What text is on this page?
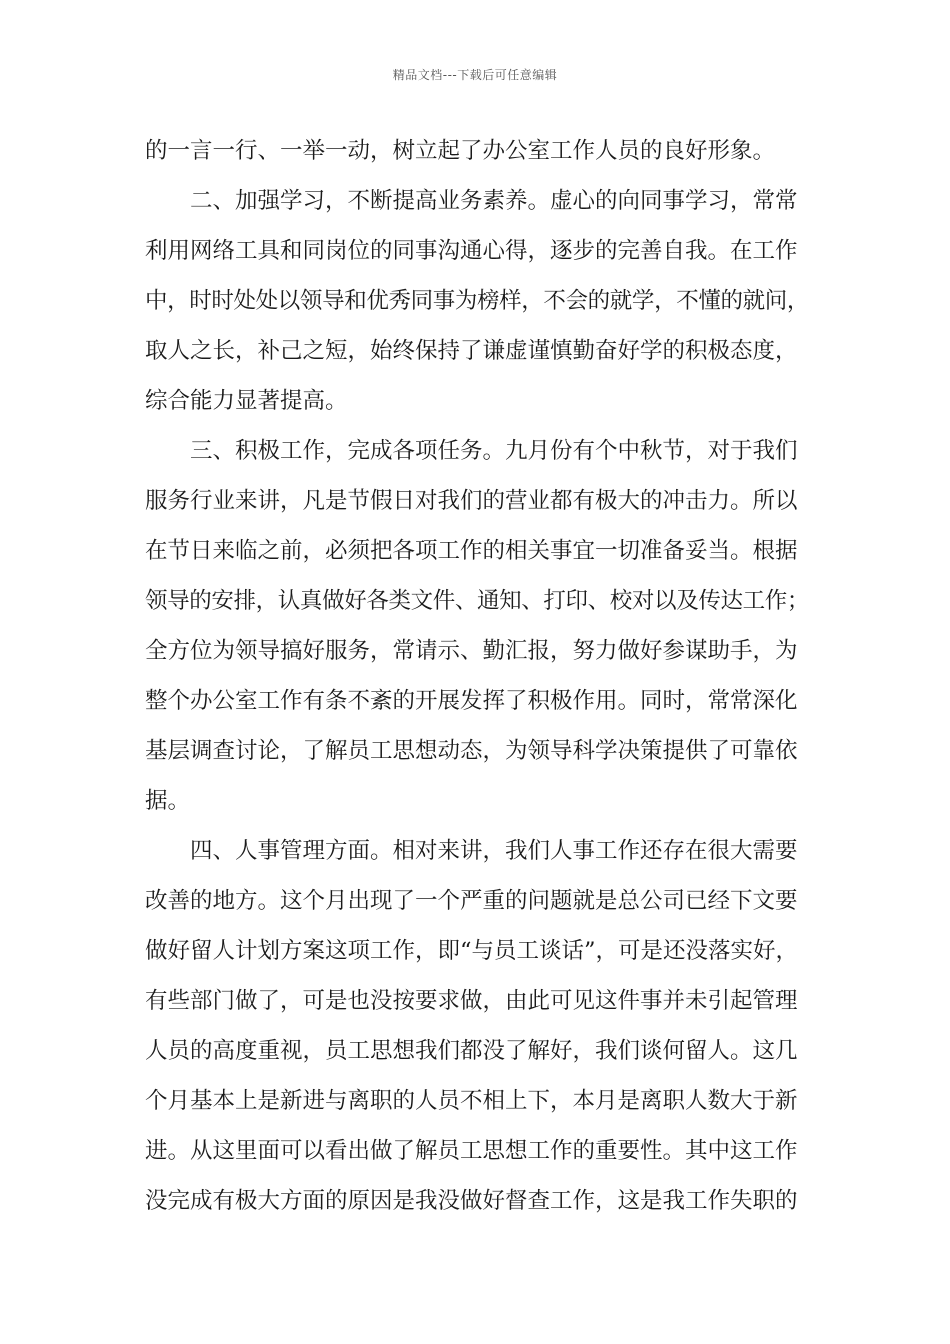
精品文档---下载后可任意编辑
的一言一行、一举一动，树立起了办公室工作人员的良好形象。
二、加强学习，不断提高业务素养。虚心的向同事学习，常常
利用网络工具和同岗位的同事沟通心得，逐步的完善自我。在工作
中，时时处处以领导和优秀同事为榜样，不会的就学，不懂的就问，
取人之长，补己之短，始终保持了谦虚谨慎勤奋好学的积极态度，
综合能力显著提高。
三、积极工作，完成各项任务。九月份有个中秋节，对于我们
服务行业来讲，凡是节假日对我们的营业都有极大的冲击力。所以
在节日来临之前，必须把各项工作的相关事宜一切准备妥当。根据
领导的安排，认真做好各类文件、通知、打印、校对以及传达工作；
全方位为领导搞好服务，常请示、勤汇报，努力做好参谋助手，为
整个办公室工作有条不紊的开展发挥了积极作用。同时，常常深化
基层调查讨论，了解员工思想动态，为领导科学决策提供了可靠依
据。
四、人事管理方面。相对来讲，我们人事工作还存在很大需要
改善的地方。这个月出现了一个严重的问题就是总公司已经下文要
做好留人计划方案这项工作，即“与员工谈话”，可是还没落实好，
有些部门做了，可是也没按要求做，由此可见这件事并未引起管理
人员的高度重视，员工思想我们都没了解好，我们谈何留人。这几
个月基本上是新进与离职的人员不相上下，本月是离职人数大于新
进。从这里面可以看出做了解员工思想工作的重要性。其中这工作
没完成有极大方面的原因是我没做好督查工作，这是我工作失职的
